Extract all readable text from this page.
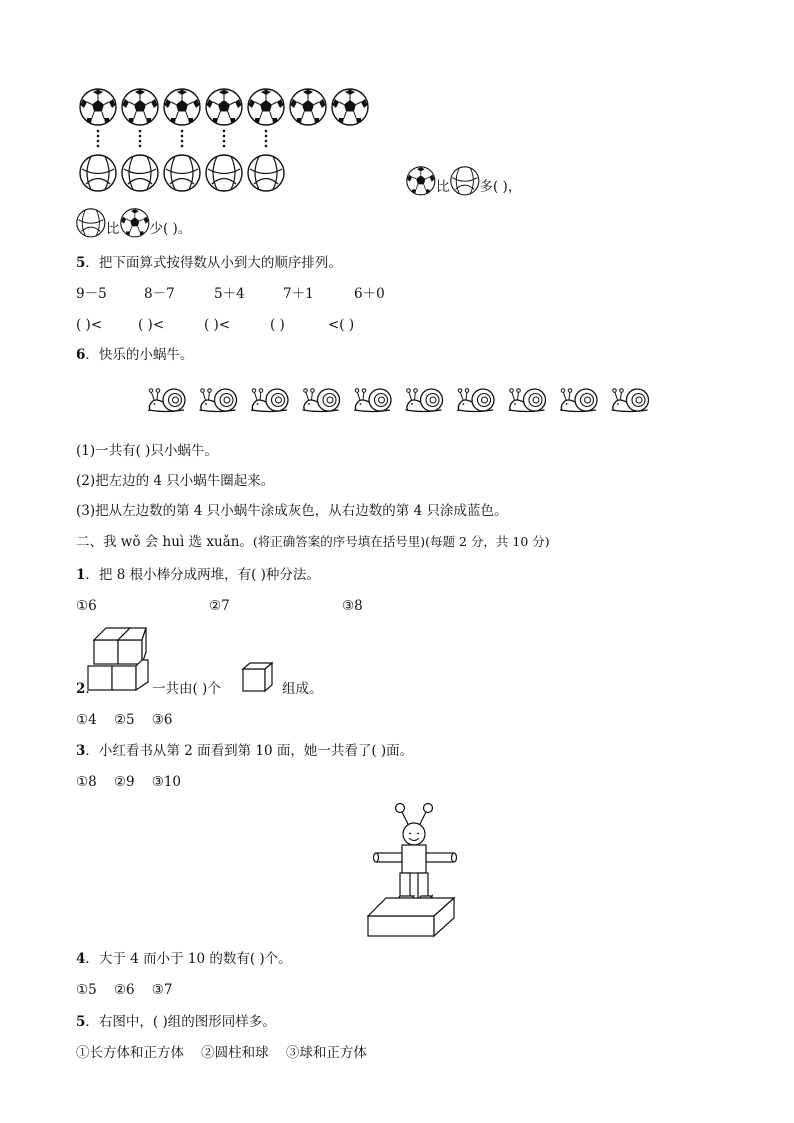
比 多( )，
比 少( )。
5．把下面算式按得数从小到大的顺序排列。
9－5	8－7	5＋4	7＋1	6＋0
( )<	( )<	( )<	( )	<( )
6．快乐的小蜗牛。
(1)一共有( )只小蜗牛。
(2)把左边的 4 只小蜗牛圈起来。
(3)把从左边数的第 4 只小蜗牛涂成灰色，从右边数的第 4 只涂成蓝色。
二、我 wǒ 会 huì 选 xuǎn。(将正确答案的序号填在括号里)(每题 2 分，共 10 分)
1．把 8 根小棒分成两堆，有( )种分法。
①6	②7	③8
2.	一共由( )个	组成。
①4    ②5    ③6
3．小红看书从第 2 面看到第 10 面，她一共看了( )面。
①8    ②9    ③10
4．大于 4 而小于 10 的数有( )个。
①5    ②6    ③7
5．右图中，( )组的图形同样多。
①长方体和正方体    ②圆柱和球    ③球和正方体
